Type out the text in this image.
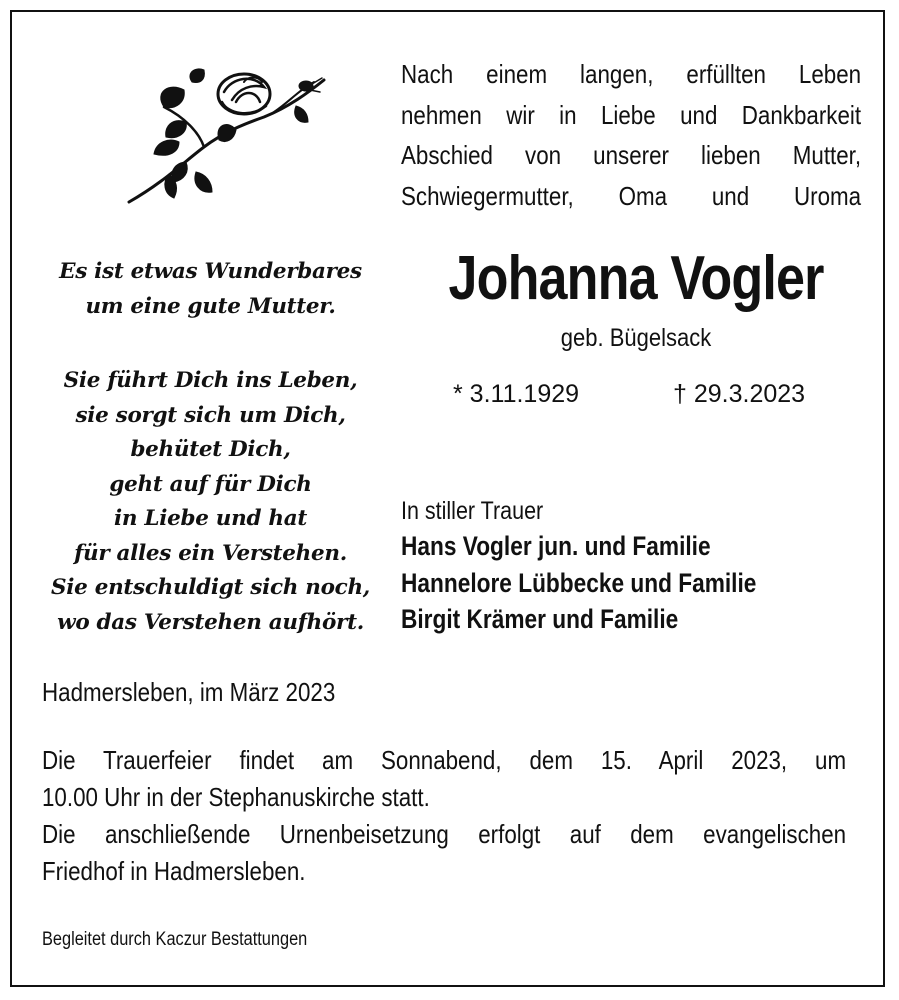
Es ist etwas Wunderbares
um eine gute Mutter.
Sie führt Dich ins Leben,
sie sorgt sich um Dich,
behütet Dich,
geht auf für Dich
in Liebe und hat
für alles ein Verstehen.
Sie entschuldigt sich noch,
wo das Verstehen aufhört.
Nach einem langen, erfüllten Leben
nehmen wir in Liebe und Dankbarkeit
Abschied von unserer lieben Mutter,
Schwiegermutter, Oma und Uroma
Johanna Vogler
geb. Bügelsack
* 3.11.1929	† 29.3.2023
In stiller Trauer
Hans Vogler jun. und Familie
Hannelore Lübbecke und Familie
Birgit Krämer und Familie
Hadmersleben, im März 2023
Die Trauerfeier findet am Sonnabend, dem 15. April 2023, um
10.00 Uhr in der Stephanuskirche statt.
Die anschließende Urnenbeisetzung erfolgt auf dem evangelischen
Friedhof in Hadmersleben.
Begleitet durch Kaczur Bestattungen
